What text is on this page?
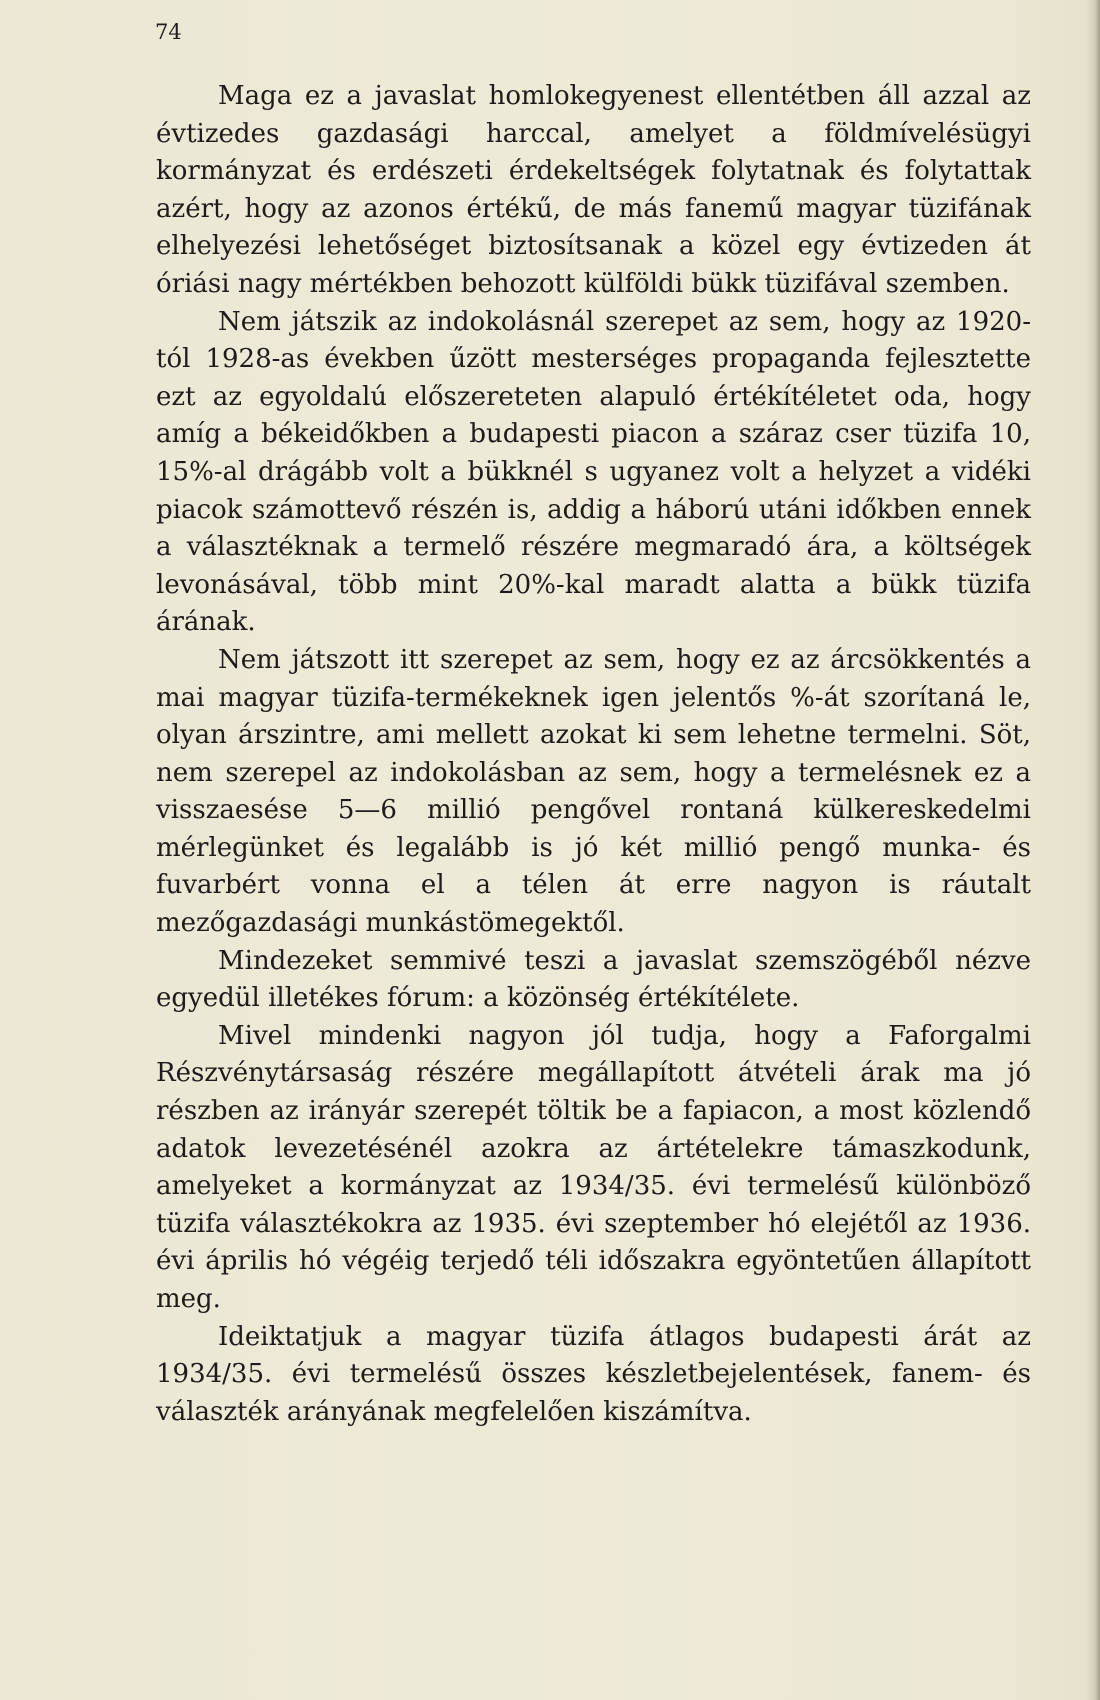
74

Maga ez a javaslat homlokegyenest ellentétben áll azzal az évtizedes gazdasági harccal, amelyet a földmívelésügyi kormányzat és erdészeti érdekeltségek folytatnak és folytattak azért, hogy az azonos értékű, de más fanemű magyar tüzifának elhelyezési lehetőséget biztosítsanak a közel egy évtizeden át óriási nagy mértékben behozott külföldi bükk tüzifával szemben.

Nem játszik az indokolásnál szerepet az sem, hogy az 1920-tól 1928-as években űzött mesterséges propaganda fejlesztette ezt az egyoldalú előszereteten alapuló értékítéletet oda, hogy amíg a békeidőkben a budapesti piacon a száraz cser tüzifa 10, 15%-al drágább volt a bükknél s ugyanez volt a helyzet a vidéki piacok számottevő részén is, addig a háború utáni időkben ennek a választéknak a termelő részére megmaradó ára, a költségek levonásával, több mint 20%-kal maradt alatta a bükk tüzifa árának.

Nem játszott itt szerepet az sem, hogy ez az árcsökkentés a mai magyar tüzifa-termékeknek igen jelentős %-át szorítaná le, olyan árszintre, ami mellett azokat ki sem lehetne termelni. Söt, nem szerepel az indokolásban az sem, hogy a termelésnek ez a visszaesése 5—6 millió pengővel rontaná külkereskedelmi mérlegünket és legalább is jó két millió pengő munka- és fuvarbért vonna el a télen át erre nagyon is ráutalt mezőgazdasági munkástömegektől.

Mindezeket semmivé teszi a javaslat szemszögéből nézve egyedül illetékes fórum: a közönség értékítélete.

Mivel mindenki nagyon jól tudja, hogy a Faforgalmi Részvénytársaság részére megállapított átvételi árak ma jó részben az irányár szerepét töltik be a fapiacon, a most közlendő adatok levezetésénél azokra az ártételekre támaszkodunk, amelyeket a kormányzat az 1934/35. évi termelésű különböző tüzifa választékokra az 1935. évi szeptember hó elejétől az 1936. évi április hó végéig terjedő téli időszakra egyöntetűen állapított meg.

Ideiktatjuk a magyar tüzifa átlagos budapesti árát az 1934/35. évi termelésű összes készletbejelentések, fanem- és választék arányának megfelelően kiszámítva.
